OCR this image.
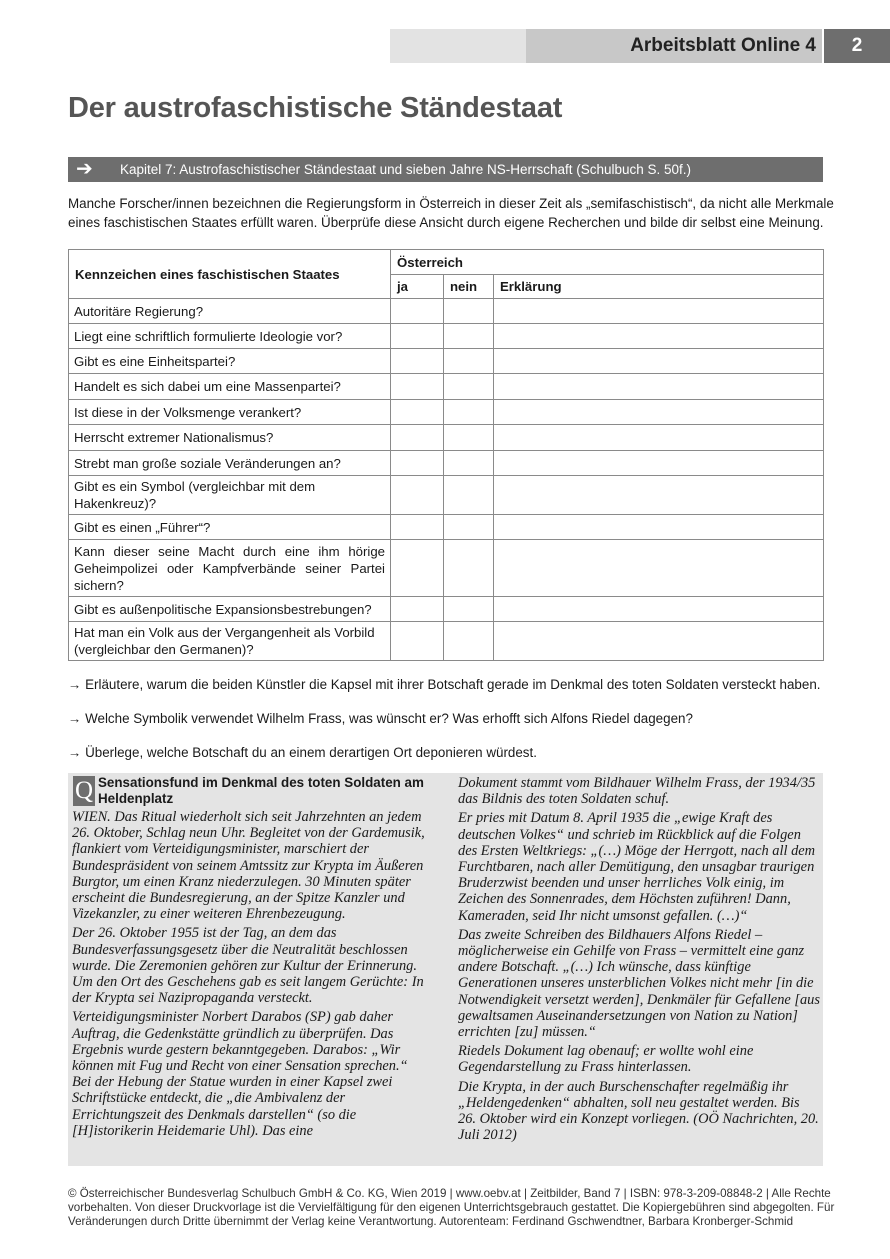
Arbeitsblatt Online 4	2
Der austrofaschistische Ständestaat
➔ Kapitel 7: Austrofaschistischer Ständestaat und sieben Jahre NS-Herrschaft (Schulbuch S. 50f.)
Manche Forscher/innen bezeichnen die Regierungsform in Österreich in dieser Zeit als „semifaschistisch“, da nicht alle Merkmale
eines faschistischen Staates erfüllt waren. Überprüfe diese Ansicht durch eigene Recherchen und bilde dir selbst eine Meinung.
Kennzeichen eines faschistischen Staates	Österreich		
	ja	nein	Erklärung
Autoritäre Regierung?			
Liegt eine schriftlich formulierte Ideologie vor?			
Gibt es eine Einheitspartei?			
Handelt es sich dabei um eine Massenpartei?			
Ist diese in der Volksmenge verankert?			
Herrscht extremer Nationalismus?			
Strebt man große soziale Veränderungen an?			
Gibt es ein Symbol (vergleichbar mit dem Hakenkreuz)?			
Gibt es einen „Führer“?			
Kann dieser seine Macht durch eine ihm hörige Geheimpolizei oder Kampfverbände seiner Partei sichern?			
Gibt es außenpolitische Expansionsbestrebungen?			
Hat man ein Volk aus der Vergangenheit als Vorbild (vergleichbar den Germanen)?			
→ Erläutere, warum die beiden Künstler die Kapsel mit ihrer Botschaft gerade im Denkmal des toten Soldaten versteckt haben.
→ Welche Symbolik verwendet Wilhelm Frass, was wünscht er? Was erhofft sich Alfons Riedel dagegen?
→ Überlege, welche Botschaft du an einem derartigen Ort deponieren würdest.
Q Sensationsfund im Denkmal des toten Soldaten am Heldenplatz

WIEN. Das Ritual wiederholt sich seit Jahrzehnten an jedem 26. Oktober, Schlag neun Uhr. Begleitet von der Gardemusik, flankiert vom Verteidigungsminister, marschiert der Bundespräsident von seinem Amtssitz zur Krypta im Äußeren Burgtor, um einen Kranz niederzulegen. 30 Minuten später erscheint die Bundesregierung, an der Spitze Kanzler und Vizekanzler, zu einer weiteren Ehrenbezeugung.

Der 26. Oktober 1955 ist der Tag, an dem das Bundesverfassungsgesetz über die Neutralität beschlossen wurde. Die Zeremonien gehören zur Kultur der Erinnerung. Um den Ort des Geschehens gab es seit langem Gerüchte: In der Krypta sei Nazipropaganda versteckt.

Verteidigungsminister Norbert Darabos (SP) gab daher Auftrag, die Gedenkstätte gründlich zu überprüfen. Das Ergebnis wurde gestern bekanntgegeben. Darabos: „Wir können mit Fug und Recht von einer Sensation sprechen.“ Bei der Hebung der Statue wurden in einer Kapsel zwei Schriftstücke entdeckt, die „die Ambivalenz der Errichtungszeit des Denkmals darstellen“ (so die [H]istorikerin Heidemarie Uhl). Das eine

Dokument stammt vom Bildhauer Wilhelm Frass, der 1934/35 das Bildnis des toten Soldaten schuf.

Er pries mit Datum 8. April 1935 die „ewige Kraft des deutschen Volkes“ und schrieb im Rückblick auf die Folgen des Ersten Weltkriegs: „(…) Möge der Herrgott, nach all dem Furchtbaren, nach aller Demütigung, den unsagbar traurigen Bruderzwist beenden und unser herrliches Volk einig, im Zeichen des Sonnenrades, dem Höchsten zuführen! Dann, Kameraden, seid Ihr nicht umsonst gefallen. (…)“

Das zweite Schreiben des Bildhauers Alfons Riedel – möglicherweise ein Gehilfe von Frass – vermittelt eine ganz andere Botschaft. „(…) Ich wünsche, dass künftige Generationen unseres unsterblichen Volkes nicht mehr [in die Notwendigkeit versetzt werden], Denkmäler für Gefallene [aus gewaltsamen Auseinandersetzungen von Nation zu Nation] errichten [zu] müssen.“

Riedels Dokument lag obenauf; er wollte wohl eine Gegendarstellung zu Frass hinterlassen.

Die Krypta, in der auch Burschenschafter regelmäßig ihr „Heldengedenken“ abhalten, soll neu gestaltet werden. Bis 26. Oktober wird ein Konzept vorliegen. (OÖ Nachrichten, 20. Juli 2012)

© Österreichischer Bundesverlag Schulbuch GmbH & Co. KG, Wien 2019 | www.oebv.at | Zeitbilder, Band 7 | ISBN: 978-3-209-08848-2 | Alle Rechte
vorbehalten. Von dieser Druckvorlage ist die Vervielfältigung für den eigenen Unterrichtsgebrauch gestattet. Die Kopiergebühren sind abgegolten. Für
Veränderungen durch Dritte übernimmt der Verlag keine Verantwortung. Autorenteam: Ferdinand Gschwendtner, Barbara Kronberger-Schmid
